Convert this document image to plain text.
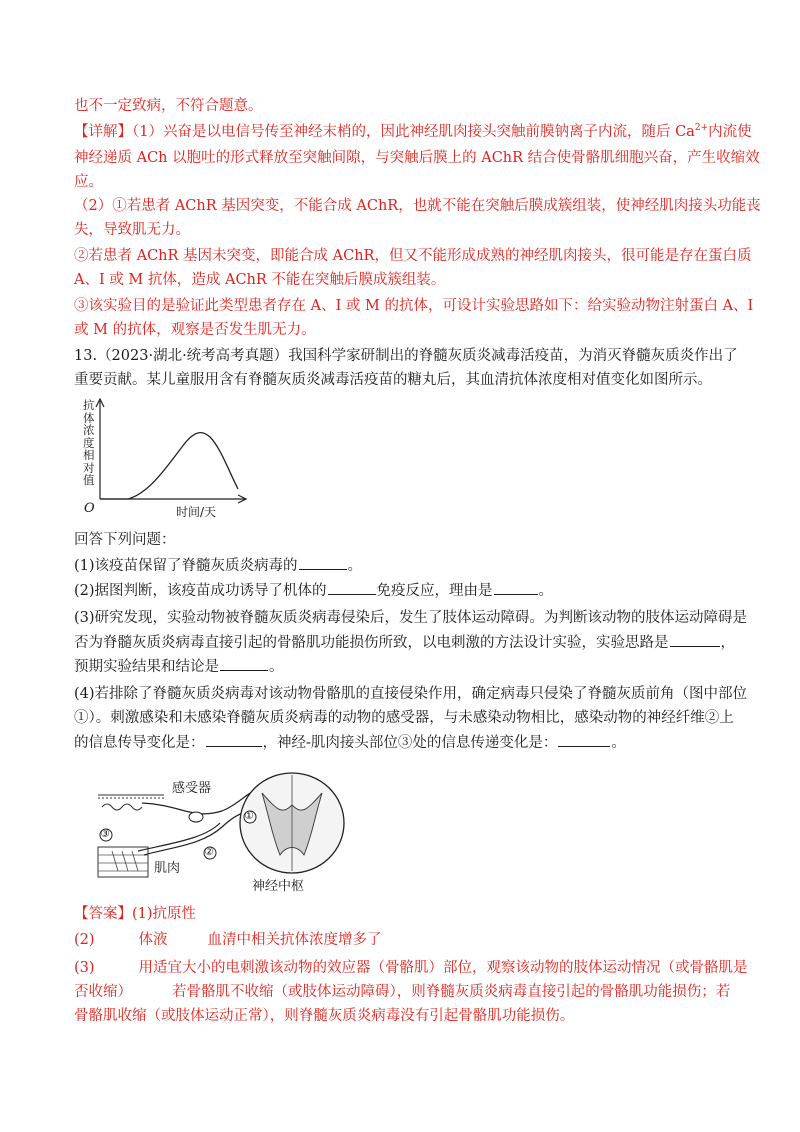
也不一定致病，不符合题意。
【详解】（1）兴奋是以电信号传至神经末梢的，因此神经肌肉接头突触前膜钠离子内流，随后 $Ca^{2+}$内流使
神经递质 ACh 以胞吐的形式释放至突触间隙，与突触后膜上的 AChR 结合使骨骼肌细胞兴奋，产生收缩效
应。
（2）①若患者 AChR 基因突变，不能合成 AChR，也就不能在突触后膜成簇组装，使神经肌肉接头功能丧
失，导致肌无力。
②若患者 AChR 基因未突变，即能合成 AChR，但又不能形成成熟的神经肌肉接头，很可能是存在蛋白质
A、I 或 M 抗体，造成 AChR 不能在突触后膜成簇组装。
③该实验目的是验证此类型患者存在 A、I 或 M 的抗体，可设计实验思路如下：给实验动物注射蛋白 A、I
或 M 的抗体，观察是否发生肌无力。
13.（2023·湖北·统考高考真题）我国科学家研制出的脊髓灰质炎减毒活疫苗，为消灭脊髓灰质炎作出了
重要贡献。某儿童服用含有脊髓灰质炎减毒活疫苗的糖丸后，其血清抗体浓度相对值变化如图所示。
抗体浓度相对值
O	时间/天
回答下列问题：
(1)该疫苗保留了脊髓灰质炎病毒的	。
(2)据图判断，该疫苗成功诱导了机体的	免疫反应，理由是	。
(3)研究发现，实验动物被脊髓灰质炎病毒侵染后，发生了肢体运动障碍。为判断该动物的肢体运动障碍是
否为脊髓灰质炎病毒直接引起的骨骼肌功能损伤所致，以电刺激的方法设计实验，实验思路是	，
预期实验结果和结论是	。
(4)若排除了脊髓灰质炎病毒对该动物骨骼肌的直接侵染作用，确定病毒只侵染了脊髓灰质前角（图中部位
①）。刺激感染和未感染脊髓灰质炎病毒的动物的感受器，与未感染动物相比，感染动物的神经纤维②上
的信息传导变化是：	，神经-肌肉接头部位③处的信息传递变化是：	。
感受器
肌肉
神经中枢
①
②
③
【答案】(1)抗原性
(2)	体液	血清中相关抗体浓度增多了
(3)	用适宜大小的电刺激该动物的效应器（骨骼肌）部位，观察该动物的肢体运动情况（或骨骼肌是
否收缩）	若骨骼肌不收缩（或肢体运动障碍），则脊髓灰质炎病毒直接引起的骨骼肌功能损伤；若
骨骼肌收缩（或肢体运动正常），则脊髓灰质炎病毒没有引起骨骼肌功能损伤。
